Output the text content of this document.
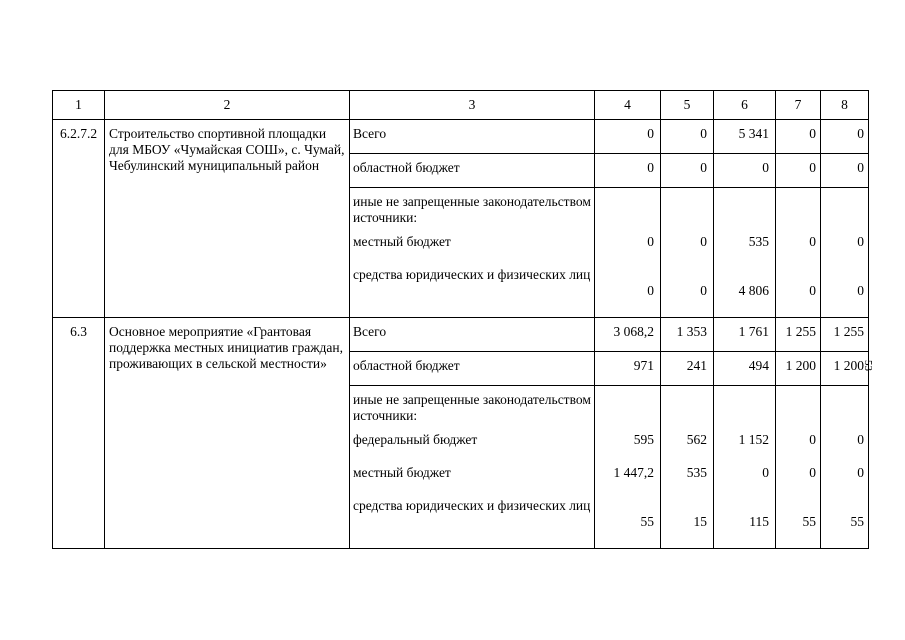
1	2	3	4	5	6	7	8
6.2.7.2	Строительство спортивной площадки для МБОУ «Чумайская СОШ», с. Чумай, Чебулинский муниципальный район	Всего	0	0	5 341	0	0
		областной бюджет	0	0	0	0	0
		иные не запрещенные законодательством источники:					
		местный бюджет	0	0	535	0	0
		средства юридических и физических лиц	0	0	4 806	0	0
6.3	Основное мероприятие «Грантовая поддержка местных инициатив граждан, проживающих в сельской местности»	Всего	3 068,2	1 353	1 761	1 255	1 255
		областной бюджет	971	241	494	1 200	1 200
		иные не запрещенные законодательством источники:					
		федеральный бюджет	595	562	1 152	0	0
		местный бюджет	1 447,2	535	0	0	0
		средства юридических и физических лиц	55	15	115	55	55
53
